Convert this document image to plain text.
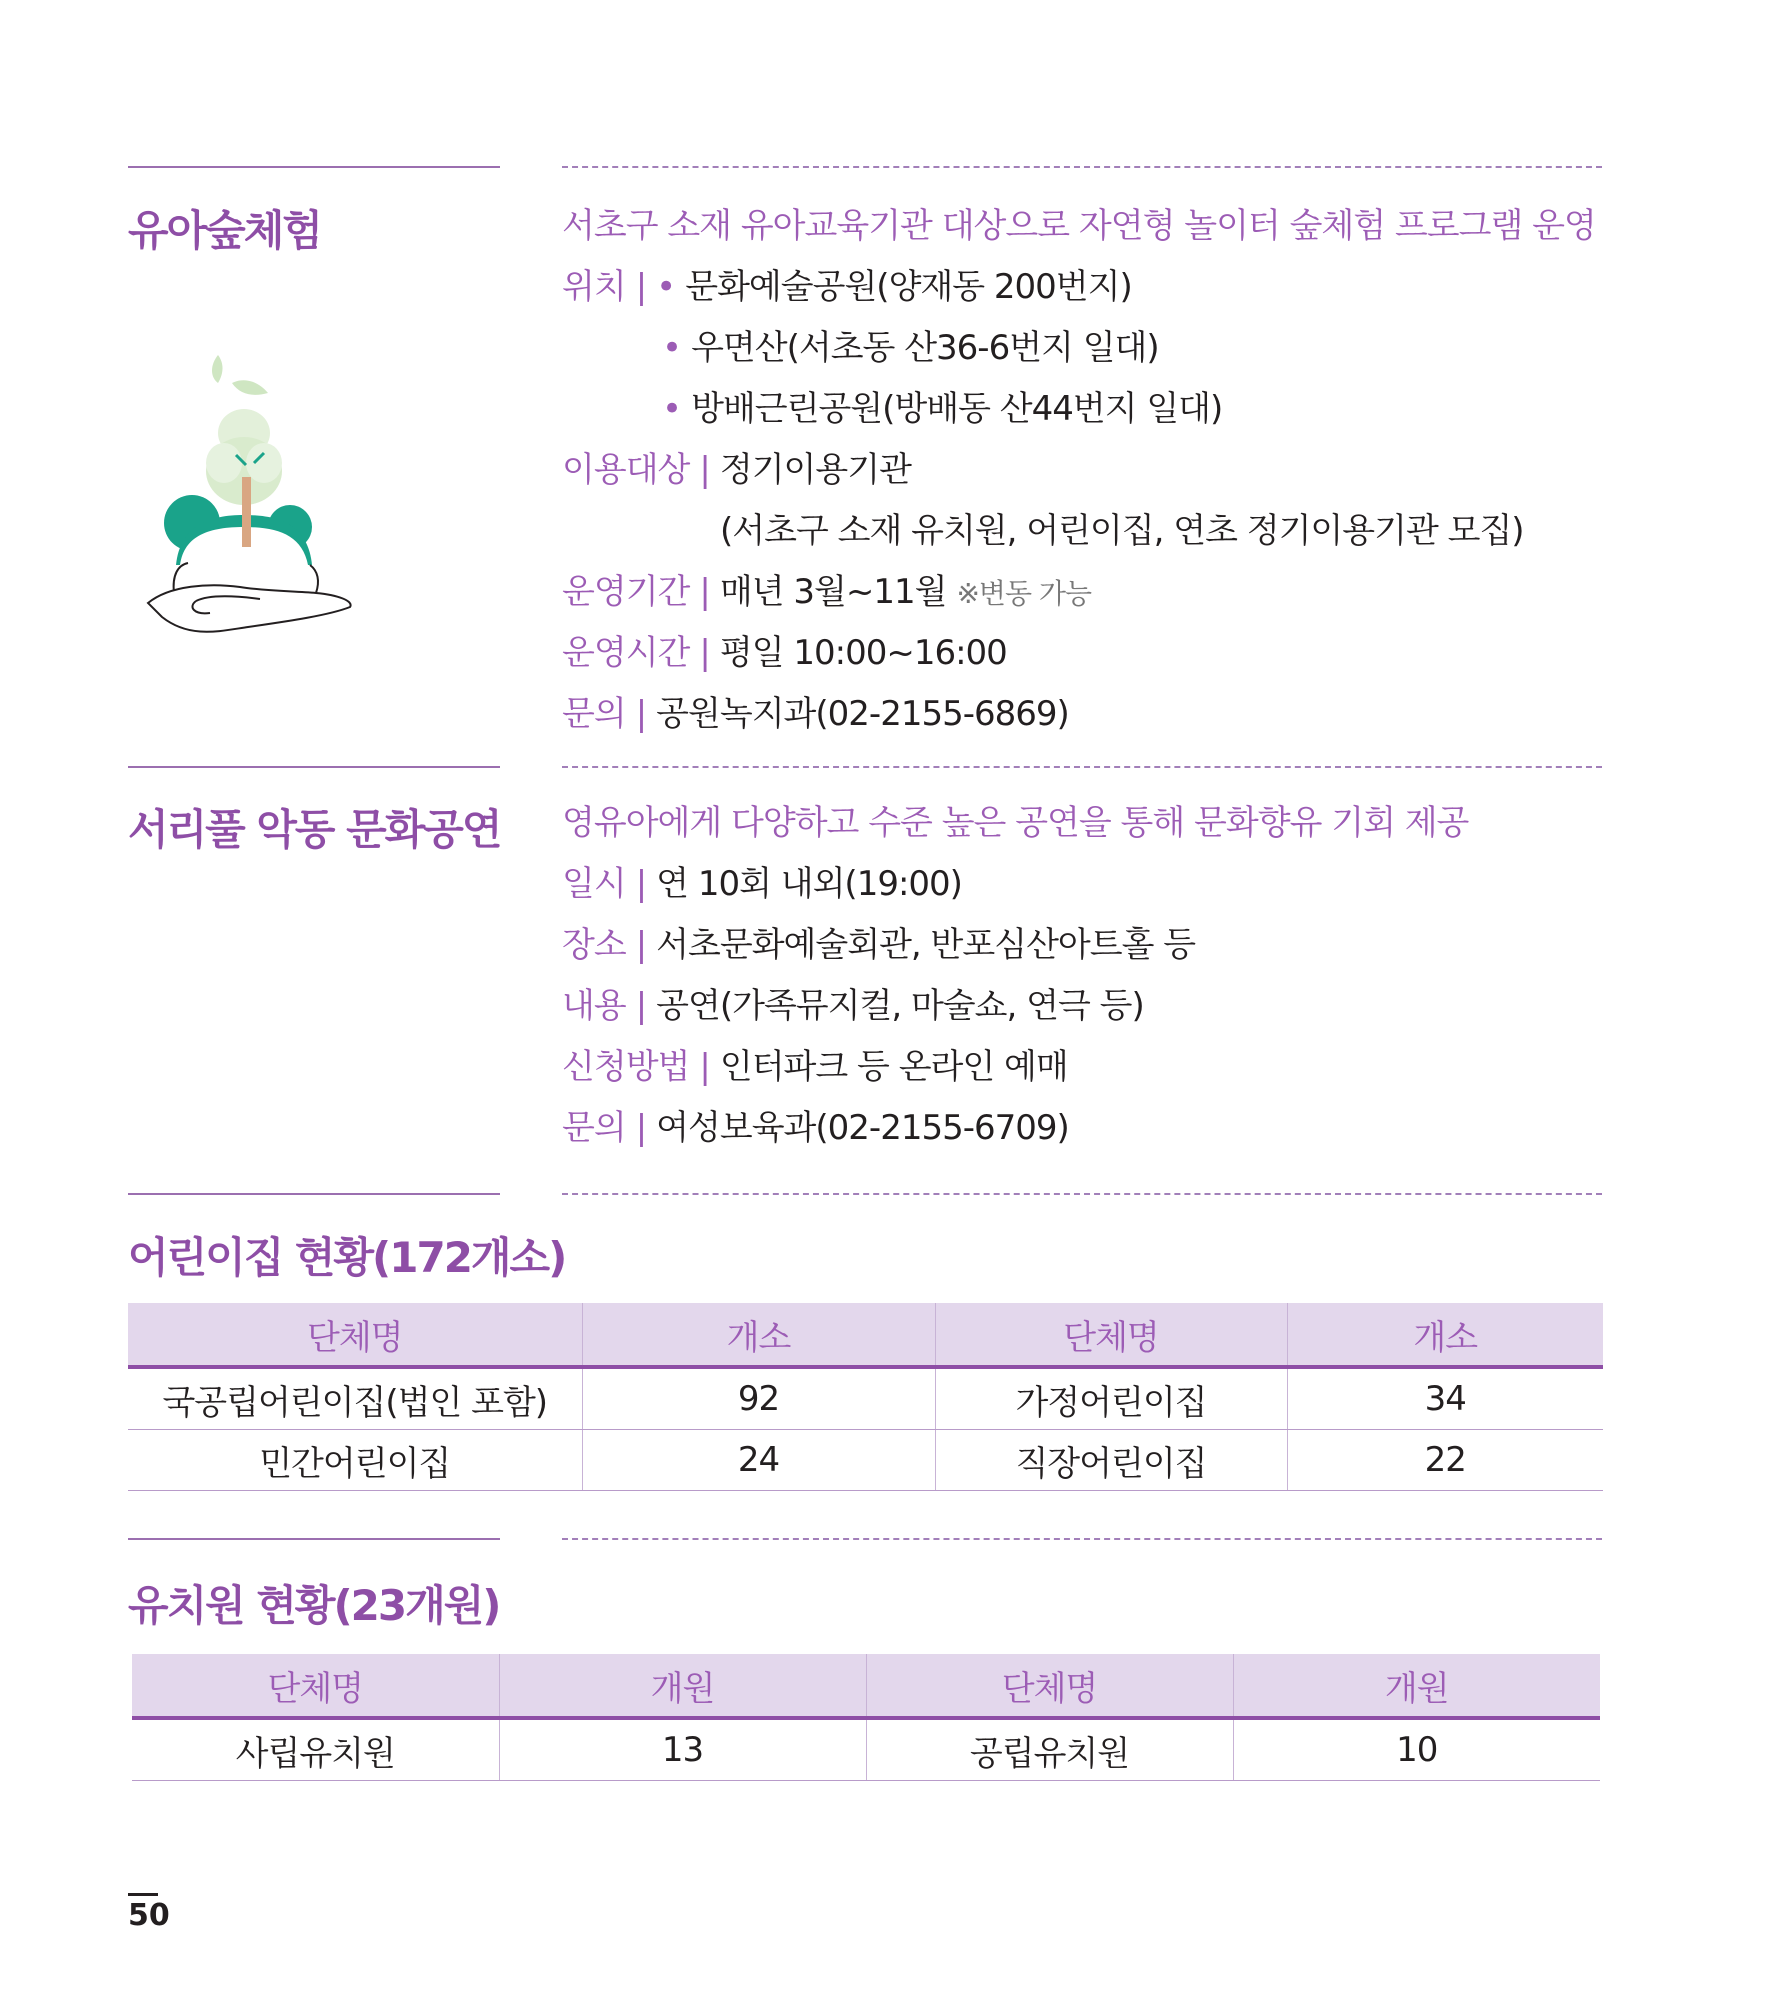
유아숲체험	서초구 소재 유아교육기관 대상으로 자연형 놀이터 숲체험 프로그램 운영
위치 | • 문화예술공원(양재동 200번지)
• 우면산(서초동 산36-6번지 일대)
• 방배근린공원(방배동 산44번지 일대)
이용대상 | 정기이용기관
(서초구 소재 유치원, 어린이집, 연초 정기이용기관 모집)
운영기간 | 매년 3월~11월 ※변동 가능
운영시간 | 평일 10:00~16:00
문의 | 공원녹지과(02-2155-6869)
서리풀 악동 문화공연 영유아에게 다양하고 수준 높은 공연을 통해 문화향유 기회 제공
일시 | 연 10회 내외(19:00)
장소 | 서초문화예술회관, 반포심산아트홀 등
내용 | 공연(가족뮤지컬, 마술쇼, 연극 등)
신청방법 | 인터파크 등 온라인 예매
문의 | 여성보육과(02-2155-6709)
어린이집 현황(172개소)
단체명	개소	단체명	개소
국공립어린이집(법인 포함)	92	가정어린이집	34
민간어린이집	24	직장어린이집	22
유치원 현황(23개원)
단체명	개원	단체명	개원
사립유치원	13	공립유치원	10
50
